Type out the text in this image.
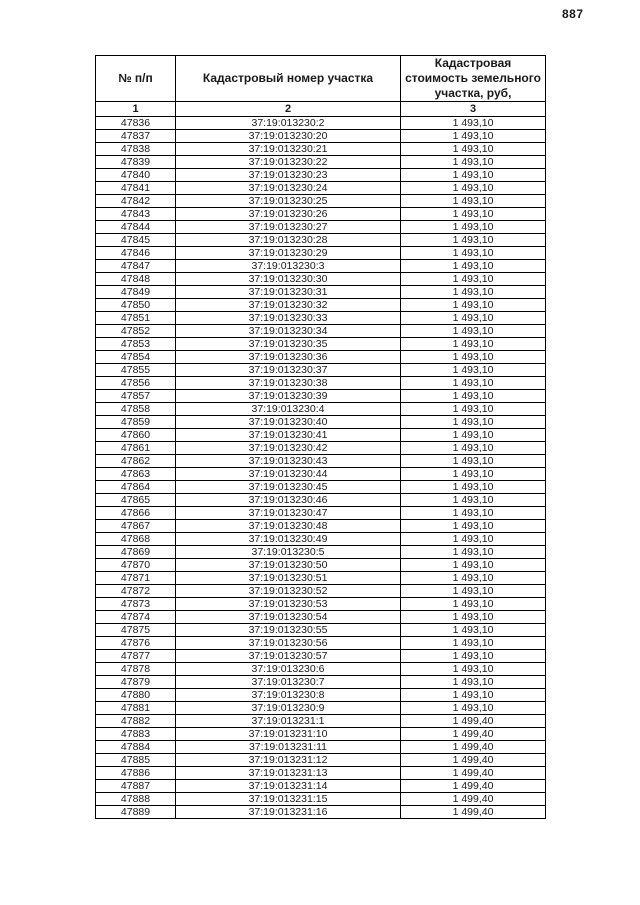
887
№ п/п	Кадастровый номер участка	Кадастровая стоимость земельного участка, руб,
1	2	3
47836	37:19:013230:2	1 493,10
47837	37:19:013230:20	1 493,10
47838	37:19:013230:21	1 493,10
47839	37:19:013230:22	1 493,10
47840	37:19:013230:23	1 493,10
47841	37:19:013230:24	1 493,10
47842	37:19:013230:25	1 493,10
47843	37:19:013230:26	1 493,10
47844	37:19:013230:27	1 493,10
47845	37:19:013230:28	1 493,10
47846	37:19:013230:29	1 493,10
47847	37:19:013230:3	1 493,10
47848	37:19:013230:30	1 493,10
47849	37:19:013230:31	1 493,10
47850	37:19:013230:32	1 493,10
47851	37:19:013230:33	1 493,10
47852	37:19:013230:34	1 493,10
47853	37:19:013230:35	1 493,10
47854	37:19:013230:36	1 493,10
47855	37:19:013230:37	1 493,10
47856	37:19:013230:38	1 493,10
47857	37:19:013230:39	1 493,10
47858	37:19:013230:4	1 493,10
47859	37:19:013230:40	1 493,10
47860	37:19:013230:41	1 493,10
47861	37:19:013230:42	1 493,10
47862	37:19:013230:43	1 493,10
47863	37:19:013230:44	1 493,10
47864	37:19:013230:45	1 493,10
47865	37:19:013230:46	1 493,10
47866	37:19:013230:47	1 493,10
47867	37:19:013230:48	1 493,10
47868	37:19:013230:49	1 493,10
47869	37:19:013230:5	1 493,10
47870	37:19:013230:50	1 493,10
47871	37:19:013230:51	1 493,10
47872	37:19:013230:52	1 493,10
47873	37:19:013230:53	1 493,10
47874	37:19:013230:54	1 493,10
47875	37:19:013230:55	1 493,10
47876	37:19:013230:56	1 493,10
47877	37:19:013230:57	1 493,10
47878	37:19:013230:6	1 493,10
47879	37:19:013230:7	1 493,10
47880	37:19:013230:8	1 493,10
47881	37:19:013230:9	1 493,10
47882	37:19:013231:1	1 499,40
47883	37:19:013231:10	1 499,40
47884	37:19:013231:11	1 499,40
47885	37:19:013231:12	1 499,40
47886	37:19:013231:13	1 499,40
47887	37:19:013231:14	1 499,40
47888	37:19:013231:15	1 499,40
47889	37:19:013231:16	1 499,40
